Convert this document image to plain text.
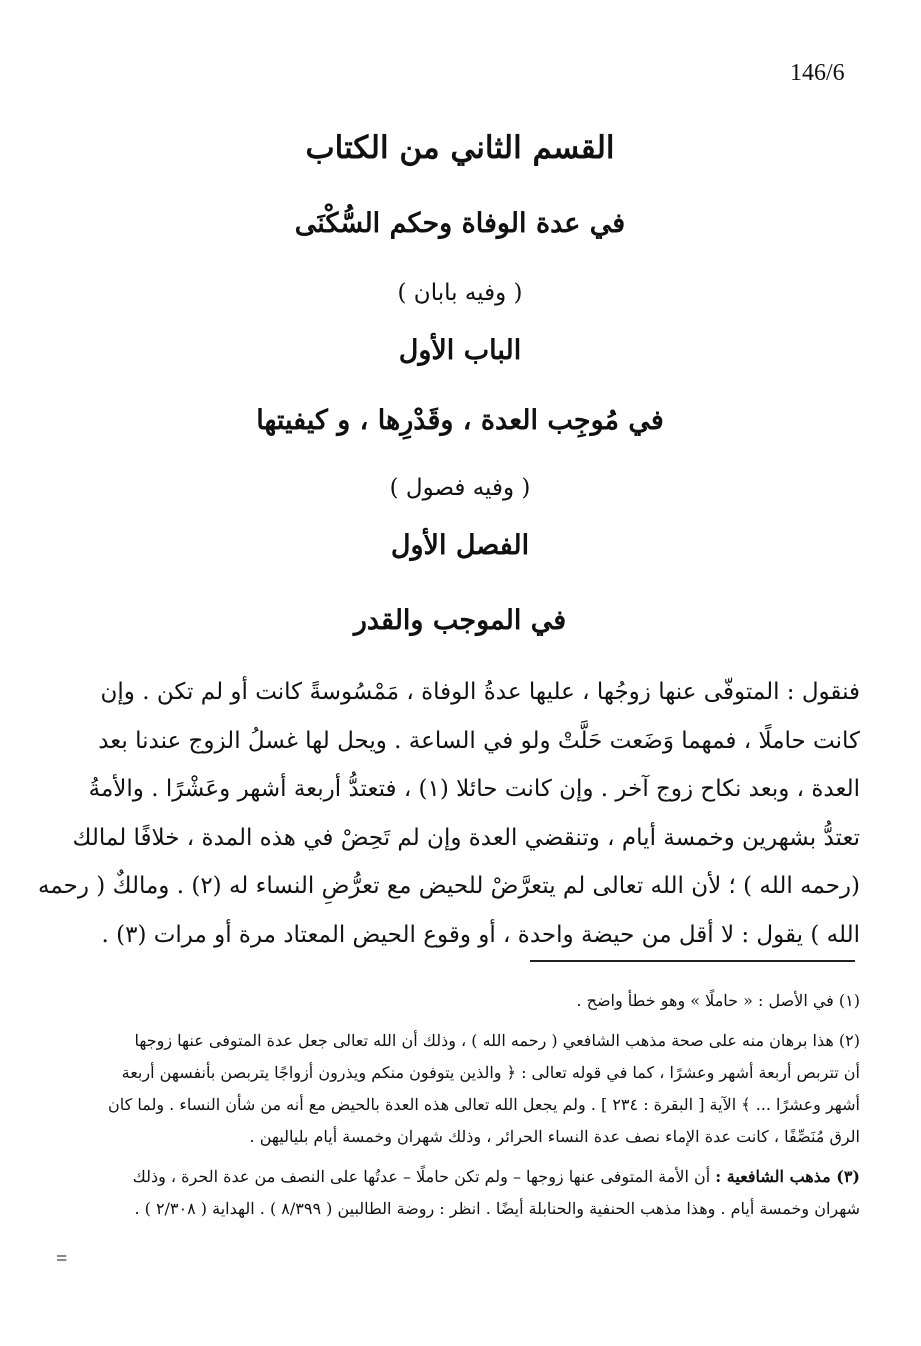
146/6
القسم الثاني من الكتاب
في عدة الوفاة وحكم السُّكْنَى
( وفيه بابان )
الباب الأول
في مُوجِب العدة ، وقَدْرِها ، و كيفيتها
( وفيه فصول )
الفصل الأول
في الموجب والقدر
فنقول : المتوفّى عنها زوجُها ، عليها عدةُ الوفاة ، مَمْسُوسةً كانت أو لم تكن . وإن
كانت حاملًا ، فمهما وَضَعت حَلَّتْ ولو في الساعة . ويحل لها غسلُ الزوج عندنا بعد
العدة ، وبعد نكاح زوج آخر . وإن كانت حائلا (١) ، فتعتدُّ أربعة أشهر وعَشْرًا . والأمةُ
تعتدُّ بشهرين وخمسة أيام ، وتنقضي العدة وإن لم تَحِضْ في هذه المدة ، خلافًا لمالك
(رحمه الله ) ؛ لأن الله تعالى لم يتعرَّضْ للحيض مع تعرُّضِ النساء له (٢) . ومالكٌ ( رحمه
الله ) يقول : لا أقل من حيضة واحدة ، أو وقوع الحيض المعتاد مرة أو مرات (٣) .
(١) في الأصل : « حاملًا » وهو خطأ واضح .
(٢) هذا برهان منه على صحة مذهب الشافعي ( رحمه الله ) ، وذلك أن الله تعالى جعل عدة المتوفى عنها زوجها
أن تتربص أربعة أشهر وعشرًا ، كما في قوله تعالى : ﴿ والذين يتوفون منكم ويذرون أزواجًا يتربصن بأنفسهن أربعة
أشهر وعشرًا ... ﴾ الآية [ البقرة : ٢٣٤ ] . ولم يجعل الله تعالى هذه العدة بالحيض مع أنه من شأن النساء . ولما كان
الرق مُنَصِّفًا ، كانت عدة الإماء نصف عدة النساء الحرائر ، وذلك شهران وخمسة أيام بلياليهن .
(٣) مذهب الشافعية : أن الأمة المتوفى عنها زوجها – ولم تكن حاملًا – عدتُها على النصف من عدة الحرة ، وذلك
شهران وخمسة أيام . وهذا مذهب الحنفية والحنابلة أيضًا . انظر : روضة الطالبين ( ٨/٣٩٩ ) . الهداية ( ٢/٣٠٨ ) .
=
